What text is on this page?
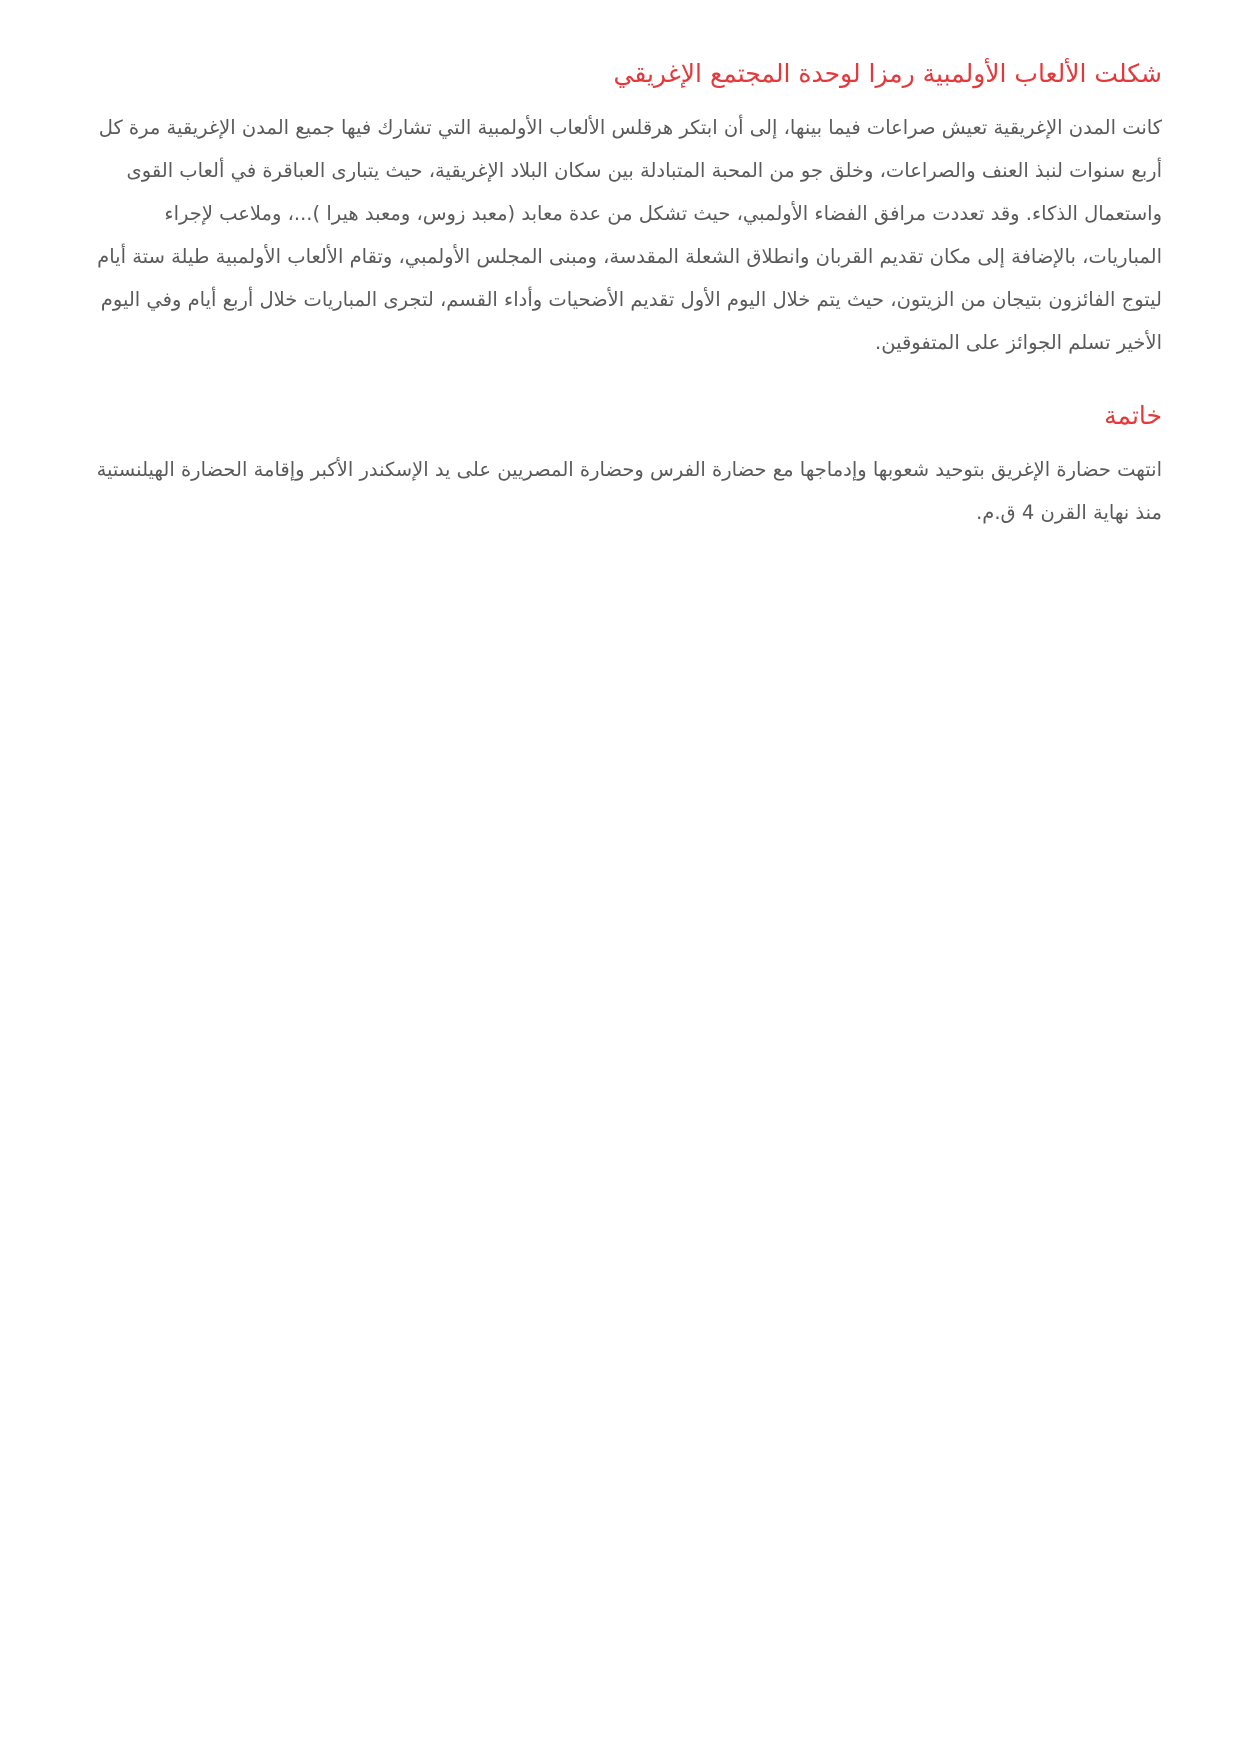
شكلت الألعاب الأولمبية رمزا لوحدة المجتمع الإغريقي

كانت المدن الإغريقية تعيش صراعات فيما بينها، إلى أن ابتكر هرقلس الألعاب الأولمبية التي تشارك فيها جميع المدن الإغريقية مرة كل أربع سنوات لنبذ العنف والصراعات، وخلق جو من المحبة المتبادلة بين سكان البلاد الإغريقية، حيث يتبارى العباقرة في ألعاب القوى واستعمال الذكاء. وقد تعددت مرافق الفضاء الأولمبي، حيث تشكل من عدة معابد (معبد زوس، ومعبد هيرا )...، وملاعب لإجراء المباريات، بالإضافة إلى مكان تقديم القربان وانطلاق الشعلة المقدسة، ومبنى المجلس الأولمبي، وتقام الألعاب الأولمبية طيلة ستة أيام ليتوج الفائزون بتيجان من الزيتون، حيث يتم خلال اليوم الأول تقديم الأضحيات وأداء القسم، لتجرى المباريات خلال أربع أيام وفي اليوم الأخير تسلم الجوائز على المتفوقين.

خاتمة

انتهت حضارة الإغريق بتوحيد شعوبها وإدماجها مع حضارة الفرس وحضارة المصريين على يد الإسكندر الأكبر وإقامة الحضارة الهيلنستية منذ نهاية القرن 4 ق.م.
